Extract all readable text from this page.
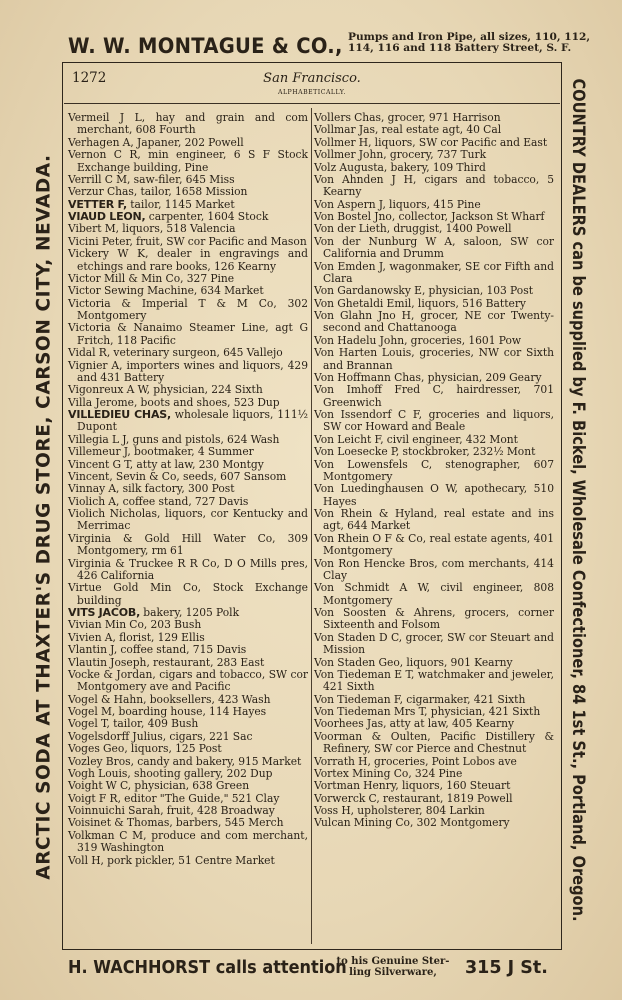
W. W. MONTAGUE & CO., Pumps and Iron Pipe, all sizes, 110, 112,
114, 116 and 118 Battery Street, S. F.
ARCTIC SODA AT THAXTER'S DRUG STORE, CARSON CITY, NEVADA.	COUNTRY DEALERS can be supplied by F. Bickel, Wholesale Confectioner, 84 1st St., Portland, Oregon.
1272	San Francisco.
ALPHABETICALLY.
Vermeil J L, hay and grain and com merchant, 608 Fourth
Verhagen A, Japaner, 202 Powell
Vernon C R, min engineer, 6 S F Stock Exchange building, Pine
Verrill C M, saw-filer, 645 Miss
Verzur Chas, tailor, 1658 Mission
VETTER F, tailor, 1145 Market
VIAUD LEON, carpenter, 1604 Stock
Vibert M, liquors, 518 Valencia
Vicini Peter, fruit, SW cor Pacific and Mason
Vickery W K, dealer in engravings and etchings and rare books, 126 Kearny
Victor Mill & Min Co, 327 Pine
Victor Sewing Machine, 634 Market
Victoria & Imperial T & M Co, 302 Montgomery
Victoria & Nanaimo Steamer Line, agt G Fritch, 118 Pacific
Vidal R, veterinary surgeon, 645 Vallejo
Vignier A, importers wines and liquors, 429 and 431 Battery
Vigonreux A W, physician, 224 Sixth
Villa Jerome, boots and shoes, 523 Dup
VILLEDIEU CHAS, wholesale liquors, 111½ Dupont
Villegia L J, guns and pistols, 624 Wash
Villemeur J, bootmaker, 4 Summer
Vincent G T, atty at law, 230 Montgy
Vincent, Sevin & Co, seeds, 607 Sansom
Vinnay A, silk factory, 300 Post
Violich A, coffee stand, 727 Davis
Violich Nicholas, liquors, cor Kentucky and Merrimac
Virginia & Gold Hill Water Co, 309 Montgomery, rm 61
Virginia & Truckee R R Co, D O Mills pres, 426 California
Virtue Gold Min Co, Stock Exchange building
VITS JACOB, bakery, 1205 Polk
Vivian Min Co, 203 Bush
Vivien A, florist, 129 Ellis
Vlantin J, coffee stand, 715 Davis
Vlautin Joseph, restaurant, 283 East
Vocke & Jordan, cigars and tobacco, SW cor Montgomery ave and Pacific
Vogel & Hahn, booksellers, 423 Wash
Vogel M, boarding house, 114 Hayes
Vogel T, tailor, 409 Bush
Vogelsdorff Julius, cigars, 221 Sac
Voges Geo, liquors, 125 Post
Vozley Bros, candy and bakery, 915 Market
Vogh Louis, shooting gallery, 202 Dup
Voight W C, physician, 638 Green
Voigt F R, editor "The Guide," 521 Clay
Voinnuichi Sarah, fruit, 428 Broadway
Voisinet & Thomas, barbers, 545 Merch
Volkman C M, produce and com merchant, 319 Washington
Voll H, pork pickler, 51 Centre Market
Vollers Chas, grocer, 971 Harrison
Vollmar Jas, real estate agt, 40 Cal
Vollmer H, liquors, SW cor Pacific and East
Vollmer John, grocery, 737 Turk
Volz Augusta, bakery, 109 Third
Von Ahnden J H, cigars and tobacco, 5 Kearny
Von Aspern J, liquors, 415 Pine
Von Bostel Jno, collector, Jackson St Wharf
Von der Lieth, druggist, 1400 Powell
Von der Nunburg W A, saloon, SW cor California and Drumm
Von Emden J, wagonmaker, SE cor Fifth and Clara
Von Gardanowsky E, physician, 103 Post
Von Ghetaldi Emil, liquors, 516 Battery
Von Glahn Jno H, grocer, NE cor Twenty-second and Chattanooga
Von Hadelu John, groceries, 1601 Pow
Von Harten Louis, groceries, NW cor Sixth and Brannan
Von Hoffmann Chas, physician, 209 Geary
Von Imhoff Fred C, hairdresser, 701 Greenwich
Von Issendorf C F, groceries and liquors, SW cor Howard and Beale
Von Leicht F, civil engineer, 432 Mont
Von Loesecke P, stockbroker, 232½ Mont
Von Lowensfels C, stenographer, 607 Montgomery
Von Luedinghausen O W, apothecary, 510 Hayes
Von Rhein & Hyland, real estate and ins agt, 644 Market
Von Rhein O F & Co, real estate agents, 401 Montgomery
Von Ron Hencke Bros, com merchants, 414 Clay
Von Schmidt A W, civil engineer, 808 Montgomery
Von Soosten & Ahrens, grocers, corner Sixteenth and Folsom
Von Staden D C, grocer, SW cor Steuart and Mission
Von Staden Geo, liquors, 901 Kearny
Von Tiedeman E T, watchmaker and jeweler, 421 Sixth
Von Tiedeman F, cigarmaker, 421 Sixth
Von Tiedeman Mrs T, physician, 421 Sixth
Voorhees Jas, atty at law, 405 Kearny
Voorman & Oulten, Pacific Distillery & Refinery, SW cor Pierce and Chestnut
Vorrath H, groceries, Point Lobos ave
Vortex Mining Co, 324 Pine
Vortman Henry, liquors, 160 Steuart
Vorwerck C, restaurant, 1819 Powell
Voss H, upholsterer, 804 Larkin
Vulcan Mining Co, 302 Montgomery
H. WACHHORST calls attention
to his Genuine Ster-
ling Silverware,	315 J St.
